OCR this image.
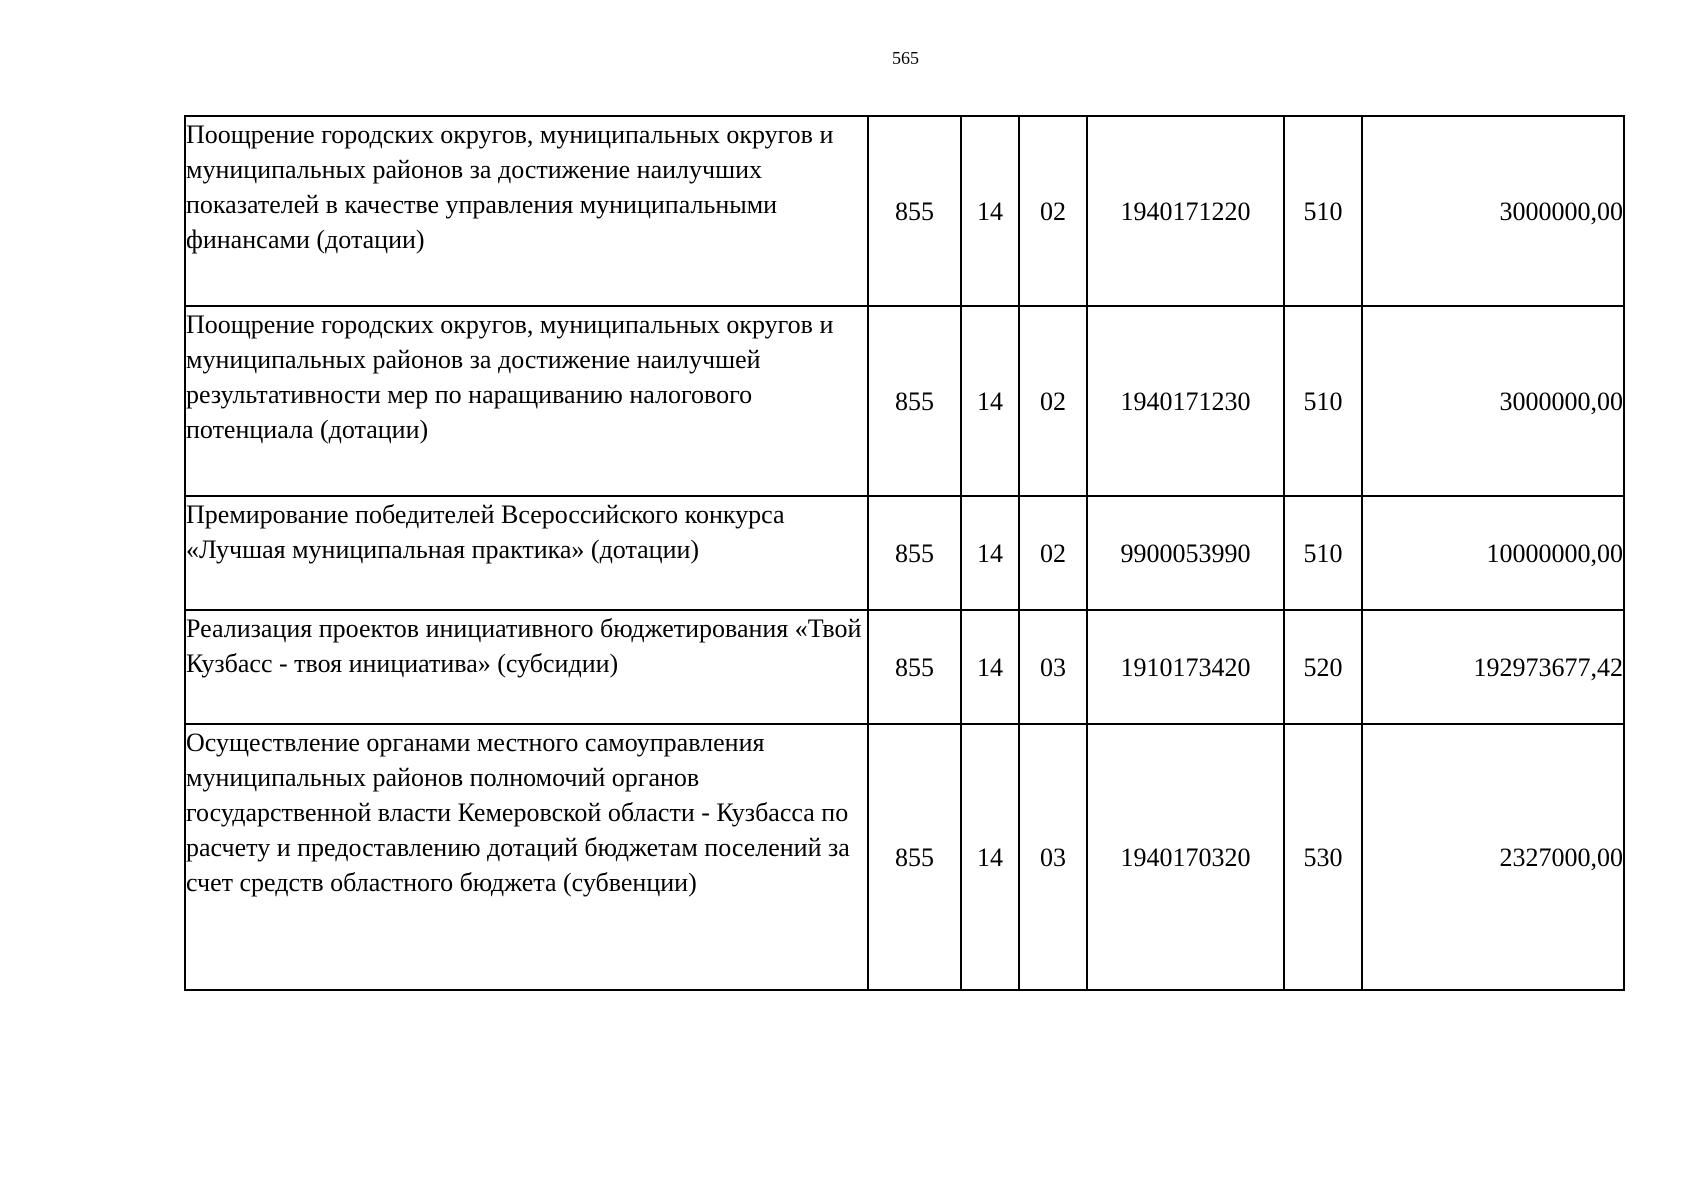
565
Поощрение городских округов, муниципальных округов и муниципальных районов за достижение наилучших показателей в качестве управления муниципальными финансами (дотации)	855	14	02	1940171220	510	3000000,00
Поощрение городских округов, муниципальных округов и муниципальных районов за достижение наилучшей результативности мер по наращиванию налогового потенциала (дотации)	855	14	02	1940171230	510	3000000,00
Премирование победителей Всероссийского конкурса «Лучшая муниципальная практика» (дотации)	855	14	02	9900053990	510	10000000,00
Реализация проектов инициативного бюджетирования «Твой Кузбасс - твоя инициатива» (субсидии)	855	14	03	1910173420	520	192973677,42
Осуществление органами местного самоуправления муниципальных районов полномочий органов государственной власти Кемеровской области - Кузбасса по расчету и предоставлению дотаций бюджетам поселений за счет средств областного бюджета (субвенции)	855	14	03	1940170320	530	2327000,00
